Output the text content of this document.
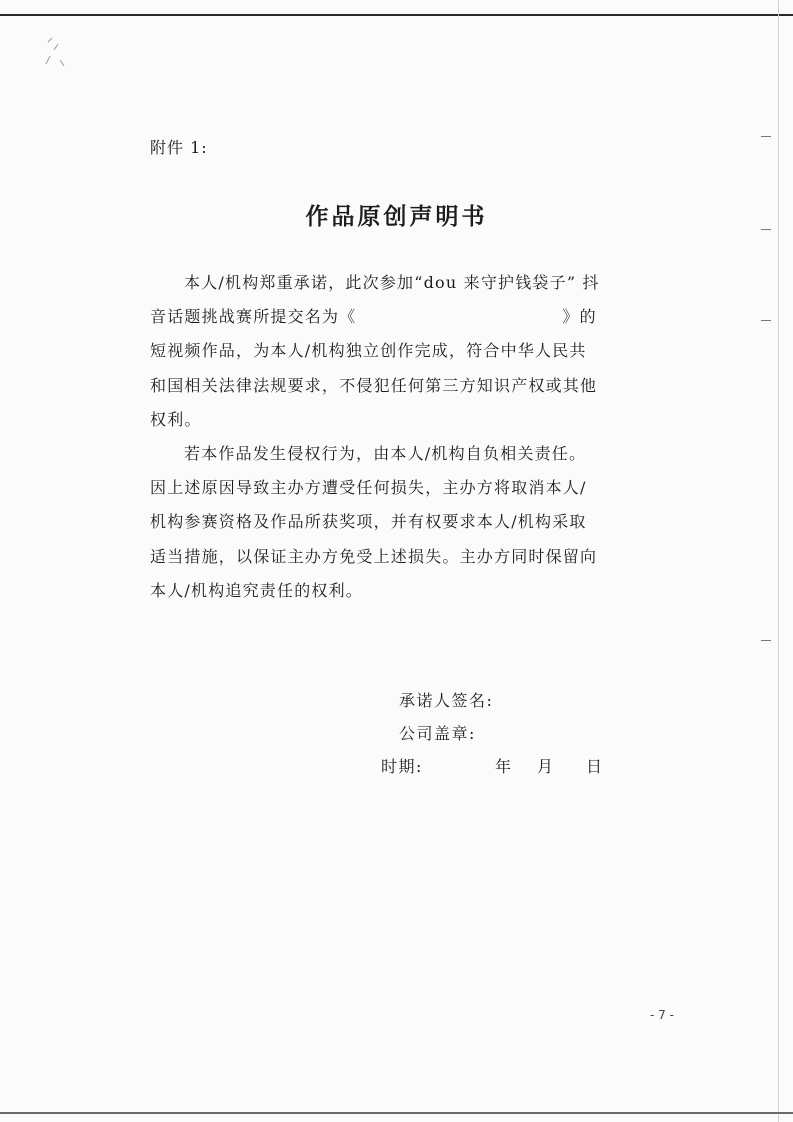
附件 1:
作品原创声明书

本人/机构郑重承诺，此次参加“dou 来守护钱袋子” 抖
音话题挑战赛所提交名为《	》的
短视频作品，为本人/机构独立创作完成，符合中华人民共
和国相关法律法规要求，不侵犯任何第三方知识产权或其他
权利。

若本作品发生侵权行为，由本人/机构自负相关责任。
因上述原因导致主办方遭受任何损失，主办方将取消本人/
机构参赛资格及作品所获奖项，并有权要求本人/机构采取
适当措施，以保证主办方免受上述损失。主办方同时保留向
本人/机构追究责任的权利。

承诺人签名:
公司盖章:
时期:	年 月 日
- 7 -
